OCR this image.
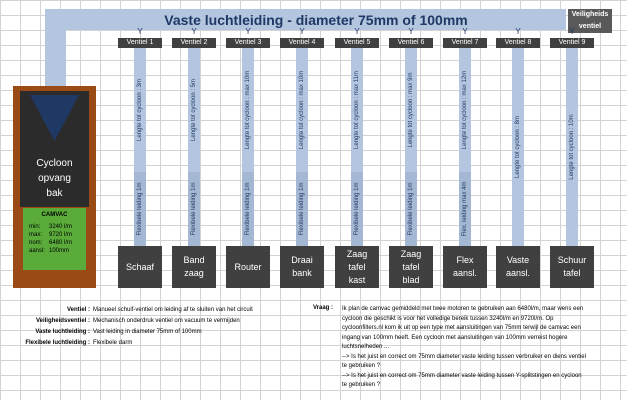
Vaste luchtleiding - diameter 75mm of 100mm	Veiligheids ventiel
Y
Ventiel 1
Lengte tot cycloon : 3m
Flexibele leiding 1m
Schaaf
Y
Ventiel 2
Lengte tot cycloon : 5m
Flexibele leiding 1m
Band
zaag
Y
Ventiel 3
Lengte tot cycloon : max 10m
Flexibele leiding 1m
Router
Y
Ventiel 4
Lengte tot cycloon : max 10m
Flexibele leiding 1m
Draai
bank
Y
Ventiel 5
Lengte tot cycloon : max 11m
Flexibele leiding 1m
Zaag
tafel
kast
Y
Ventiel 6
Lengte tot cycloon : max 9m
Flexibele leiding 1m
Zaag
tafel
blad
Y
Ventiel 7
Lengte tot cycloon : max 12m
Flex. leiding max 4m
Flex
aansl.
Y
Ventiel 8
Lengte tot cycloon : 8m
Vaste
aansl.
Y
Ventiel 9
Lengte tot cycloon : 10m
Schuur
tafel
Cycloon
opvang
bak
CAMVAC
min: 3240 l/m
max: 9720 l/m
nom: 6480 l/m
aansl: 100mm
Ventiel : Manueel schuif-ventiel om leiding af te sluiten van het circuit
Veiligheidsventiel : Mechanisch onderdruk ventiel om vacuum te vermijden
Vaste luchtleiding : Vast leiding in diameter 75mm of 100mm
Flexibele luchtleiding : Flexibele darm
Vraag : Ik plan de camvac gemiddeld met twee motoren te gebruiken aan 6480l/m, maar wens een
cycloon die geschikt is voor het volledige bereik tussen 3240l/m en 9720l/m. Op
cycloonfilters.nl kom ik uit op een type met aansluitingen van 75mm terwijl de camvac een
ingang van 100mm heeft. Een cycloon met aansluitingen van 100mm verreist hogere
luchtsnelheden ...
--> Is het juist en correct om 75mm diameter vaste leiding tussen verbruiker en diens ventiel
te gebruiken ?
--> Is het juist en correct om 75mm diameter vaste leiding tussen Y-splitstingen en cycloon
te gebruiken ?
